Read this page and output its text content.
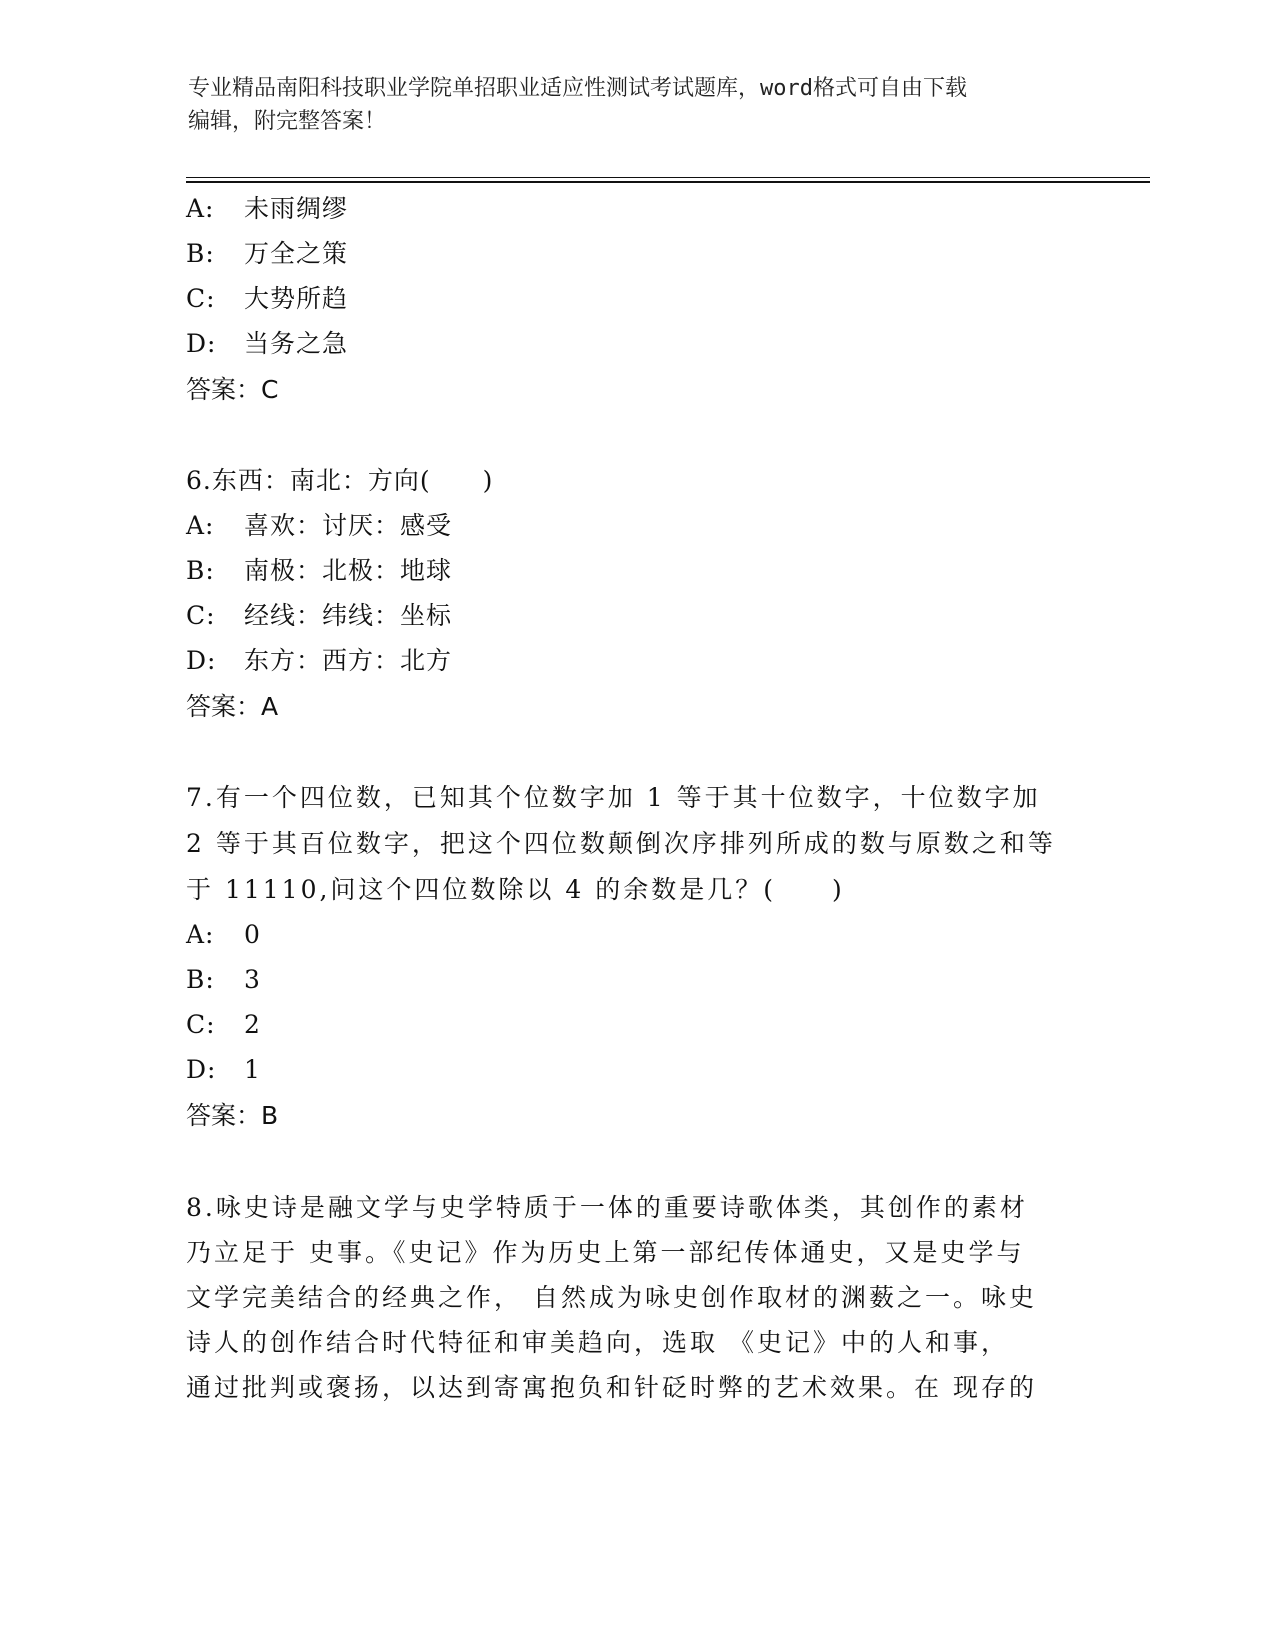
专业精品南阳科技职业学院单招职业适应性测试考试题库，word格式可自由下载
编辑，附完整答案！
A: 未雨绸缪
B: 万全之策
C: 大势所趋
D: 当务之急
答案：C
6.东西：南北：方向(　　)
A: 喜欢：讨厌：感受
B: 南极：北极：地球
C: 经线：纬线：坐标
D: 东方：西方：北方
答案：A
7.有一个四位数，已知其个位数字加 1 等于其十位数字，十位数字加
2 等于其百位数字，把这个四位数颠倒次序排列所成的数与原数之和等
于 11110,问这个四位数除以 4 的余数是几？(　　)
A: 0
B: 3
C: 2
D: 1
答案：B
8.咏史诗是融文学与史学特质于一体的重要诗歌体类，其创作的素材
乃立足于 史事。《史记》作为历史上第一部纪传体通史，又是史学与
文学完美结合的经典之作， 自然成为咏史创作取材的渊薮之一。咏史
诗人的创作结合时代特征和审美趋向，选取 《史记》中的人和事，
通过批判或褒扬，以达到寄寓抱负和针砭时弊的艺术效果。在 现存的
